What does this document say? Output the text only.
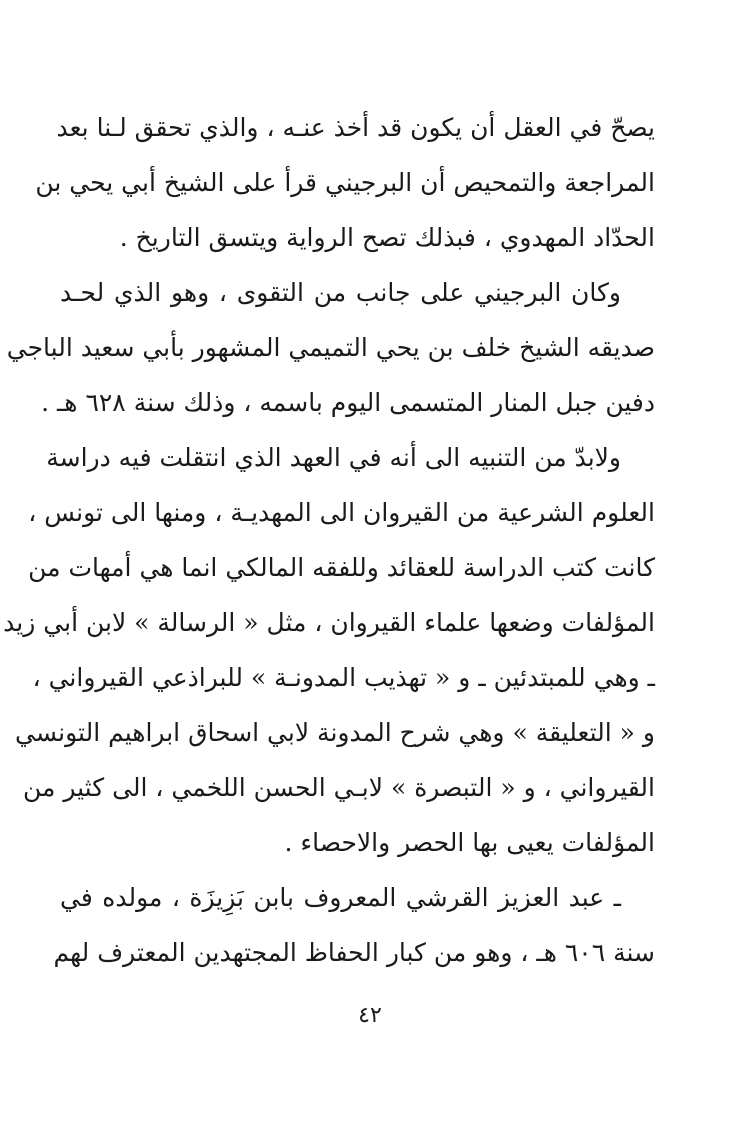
يصحّ في العقل أن يكون قد أخذ عنـه ، والذي تحقق لـنا بعد
المراجعة والتمحيص أن البرجيني قرأ على الشيخ أبي يحي بن
الحدّاد المهدوي ، فبذلك تصح الرواية ويتسق التاريخ .
وكان البرجيني على جانب من التقوى ، وهو الذي لحـد
صديقه الشيخ خلف بن يحي التميمي المشهور بأبي سعيد الباجي
دفين جبل المنار المتسمى اليوم باسمه ، وذلك سنة ٦٢٨ هـ .
ولابدّ من التنبيه الى أنه في العهد الذي انتقلت فيه دراسة
العلوم الشرعية من القيروان الى المهديـة ، ومنها الى تونس ،
كانت كتب الدراسة للعقائد وللفقه المالكي انما هي أمهات من
المؤلفات وضعها علماء القيروان ، مثل « الرسالة » لابن أبي زيد
ـ وهي للمبتدئين ـ و « تهذيب المدونـة » للبراذعي القيرواني ،
و « التعليقة » وهي شرح المدونة لابي اسحاق ابراهيم التونسي
القيرواني ، و « التبصرة » لابـي الحسن اللخمي ، الى كثير من
المؤلفات يعيى بها الحصر والاحصاء .
ـ عبد العزيز القرشي المعروف بابن بَزِيزَة ، مولده في
سنة ٦٠٦ هـ ، وهو من كبار الحفاظ المجتهدين المعترف لهم
٤٢
